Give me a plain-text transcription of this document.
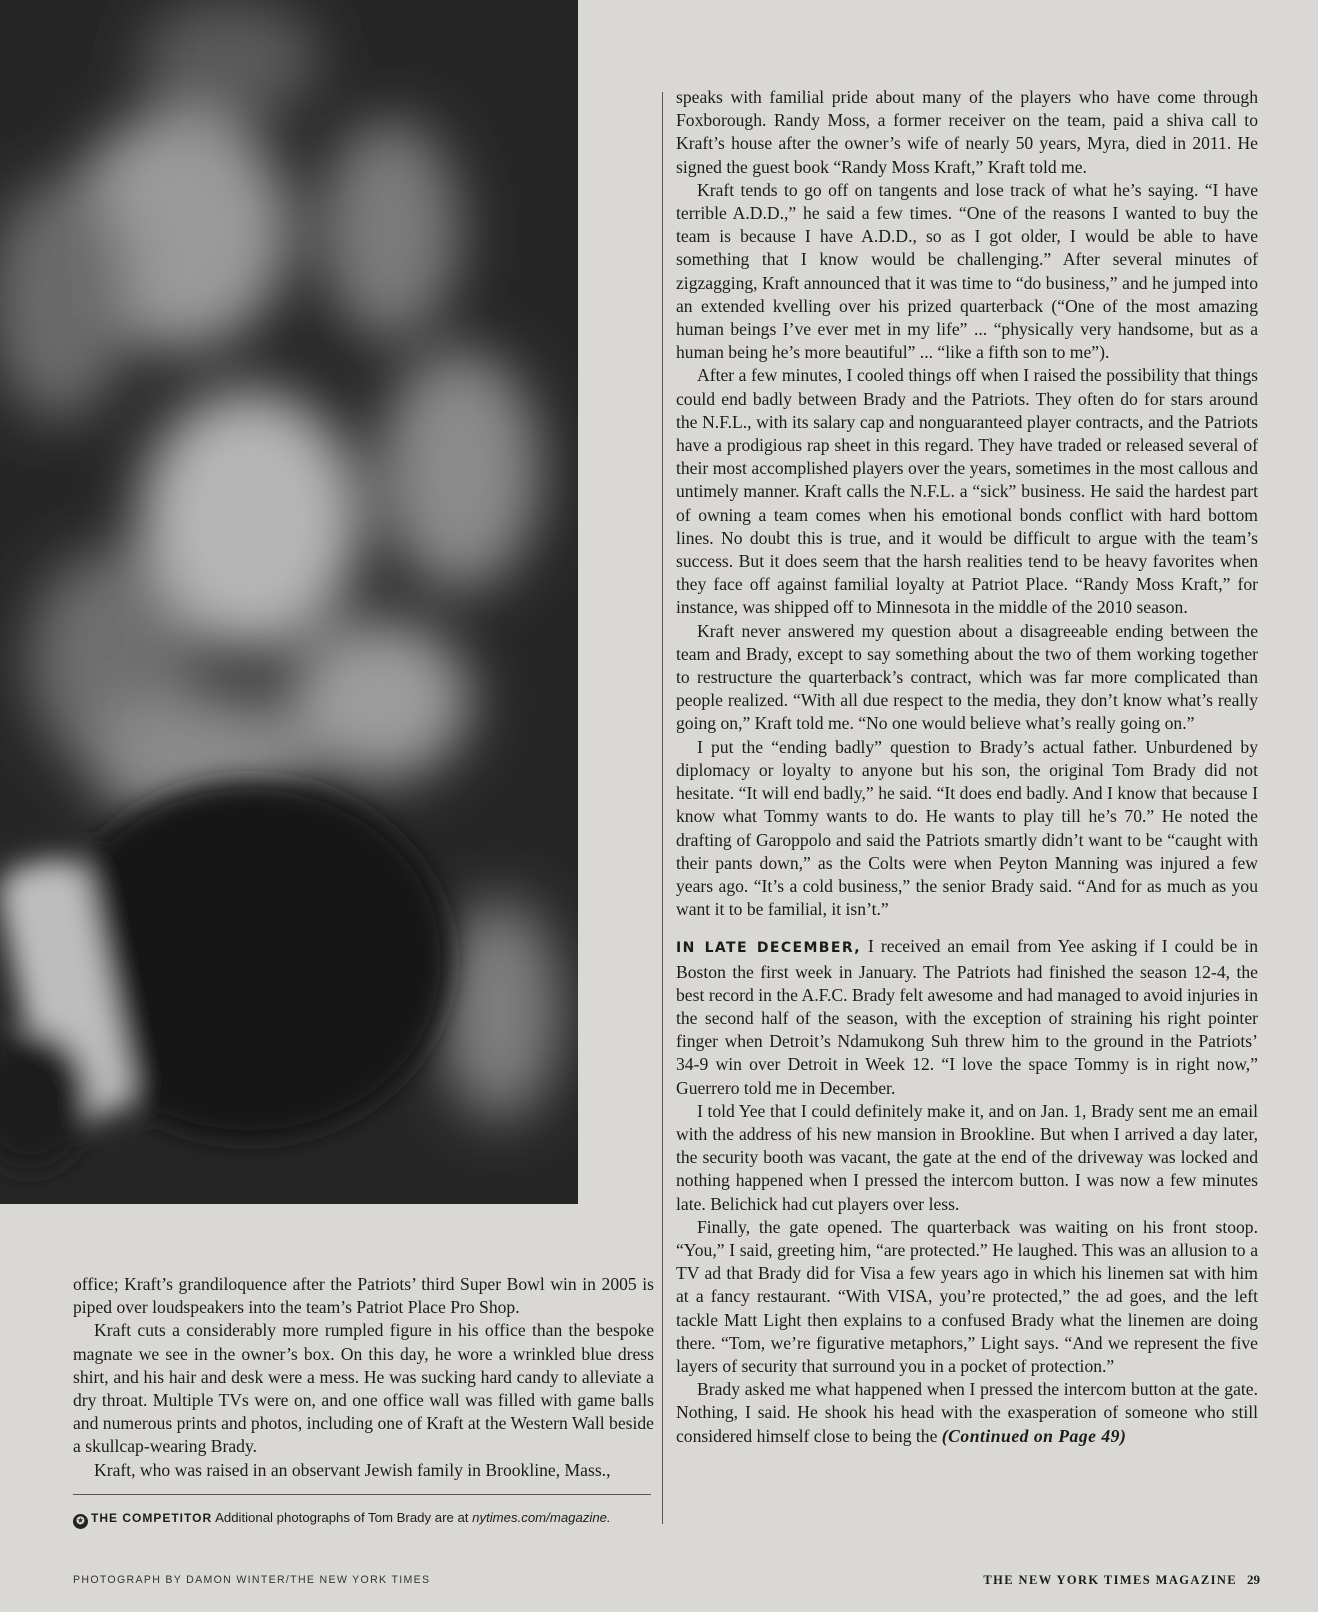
office; Kraft’s grandiloquence after the Patriots’ third Super Bowl win in 2005 is piped over loudspeakers into the team’s Patriot Place Pro Shop.

Kraft cuts a considerably more rumpled figure in his office than the bespoke magnate we see in the owner’s box. On this day, he wore a wrinkled blue dress shirt, and his hair and desk were a mess. He was sucking hard candy to alleviate a dry throat. Multiple TVs were on, and one office wall was filled with game balls and numerous prints and photos, including one of Kraft at the Western Wall beside a skullcap-wearing Brady.

Kraft, who was raised in an observant Jewish family in Brookline, Mass.,

✪ THE COMPETITOR Additional photographs of Tom Brady are at nytimes.com/magazine.

speaks with familial pride about many of the players who have come through Foxborough. Randy Moss, a former receiver on the team, paid a shiva call to Kraft’s house after the owner’s wife of nearly 50 years, Myra, died in 2011. He signed the guest book “Randy Moss Kraft,” Kraft told me.

Kraft tends to go off on tangents and lose track of what he’s saying. “I have terrible A.D.D.,” he said a few times. “One of the reasons I wanted to buy the team is because I have A.D.D., so as I got older, I would be able to have something that I know would be challenging.” After several minutes of zigzagging, Kraft announced that it was time to “do business,” and he jumped into an extended kvelling over his prized quarterback (“One of the most amazing human beings I’ve ever met in my life” ... “physically very handsome, but as a human being he’s more beautiful” ... “like a fifth son to me”).

After a few minutes, I cooled things off when I raised the possibility that things could end badly between Brady and the Patriots. They often do for stars around the N.F.L., with its salary cap and nonguaranteed player contracts, and the Patriots have a prodigious rap sheet in this regard. They have traded or released several of their most accomplished players over the years, sometimes in the most callous and untimely manner. Kraft calls the N.F.L. a “sick” business. He said the hardest part of owning a team comes when his emotional bonds conflict with hard bottom lines. No doubt this is true, and it would be difficult to argue with the team’s success. But it does seem that the harsh realities tend to be heavy favorites when they face off against familial loyalty at Patriot Place. “Randy Moss Kraft,” for instance, was shipped off to Minnesota in the middle of the 2010 season.

Kraft never answered my question about a disagreeable ending between the team and Brady, except to say something about the two of them working together to restructure the quarterback’s contract, which was far more complicated than people realized. “With all due respect to the media, they don’t know what’s really going on,” Kraft told me. “No one would believe what’s really going on.”

I put the “ending badly” question to Brady’s actual father. Unburdened by diplomacy or loyalty to anyone but his son, the original Tom Brady did not hesitate. “It will end badly,” he said. “It does end badly. And I know that because I know what Tommy wants to do. He wants to play till he’s 70.” He noted the drafting of Garoppolo and said the Patriots smartly didn’t want to be “caught with their pants down,” as the Colts were when Peyton Manning was injured a few years ago. “It’s a cold business,” the senior Brady said. “And for as much as you want it to be familial, it isn’t.”

IN LATE DECEMBER, I received an email from Yee asking if I could be in Boston the first week in January. The Patriots had finished the season 12-4, the best record in the A.F.C. Brady felt awesome and had managed to avoid injuries in the second half of the season, with the exception of straining his right pointer finger when Detroit’s Ndamukong Suh threw him to the ground in the Patriots’ 34-9 win over Detroit in Week 12. “I love the space Tommy is in right now,” Guerrero told me in December.

I told Yee that I could definitely make it, and on Jan. 1, Brady sent me an email with the address of his new mansion in Brookline. But when I arrived a day later, the security booth was vacant, the gate at the end of the driveway was locked and nothing happened when I pressed the intercom button. I was now a few minutes late. Belichick had cut players over less.

Finally, the gate opened. The quarterback was waiting on his front stoop. “You,” I said, greeting him, “are protected.” He laughed. This was an allusion to a TV ad that Brady did for Visa a few years ago in which his linemen sat with him at a fancy restaurant. “With VISA, you’re protected,” the ad goes, and the left tackle Matt Light then explains to a confused Brady what the linemen are doing there. “Tom, we’re figurative metaphors,” Light says. “And we represent the five layers of security that surround you in a pocket of protection.”

Brady asked me what happened when I pressed the intercom button at the gate. Nothing, I said. He shook his head with the exasperation of someone who still considered himself close to being the (Continued on Page 49)

PHOTOGRAPH BY DAMON WINTER/THE NEW YORK TIMES	THE NEW YORK TIMES MAGAZINE 29
